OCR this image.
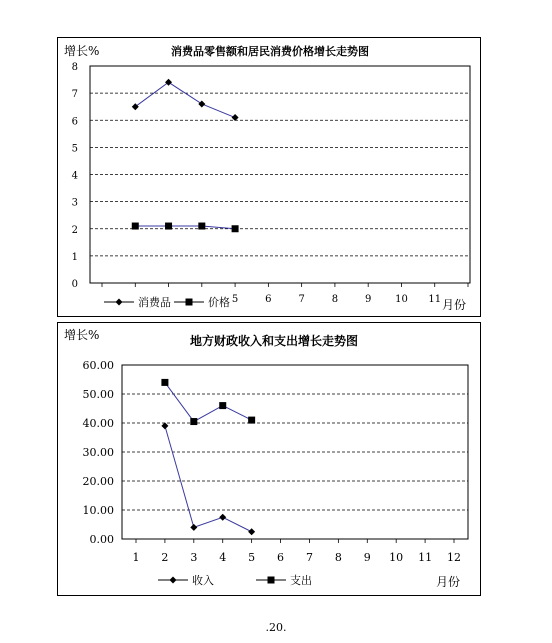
消费品零售额和居民消费价格增长走势图
增长%
0
1
2
3
4
5
6
7
8
5	6	7	8	9 10 11 月份
消费品	价格
地方财政收入和支出增长走势图
增长%
0.00
10.00
20.00
30.00
40.00
50.00
60.00
1 2 3 4 5 6 7 8 9 10 11 12
月份
收入	支出
.20.
